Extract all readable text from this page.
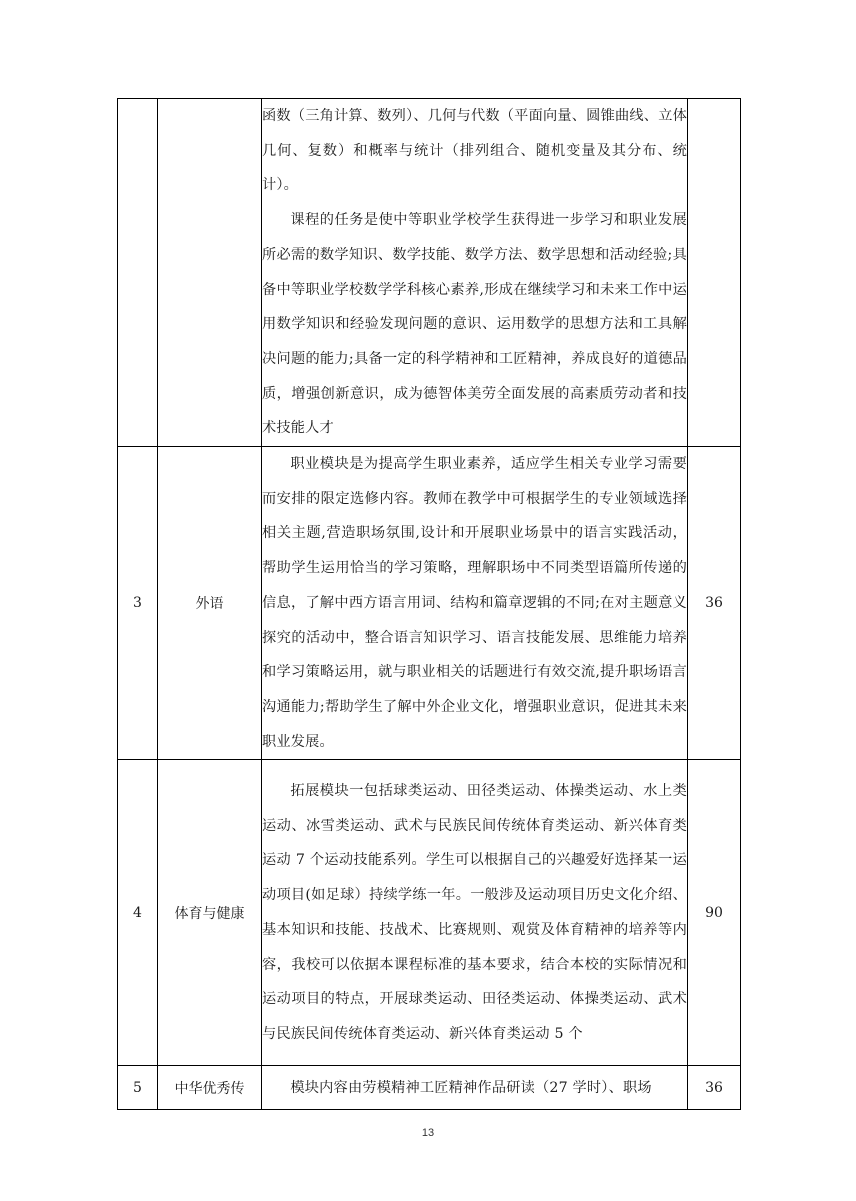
		函数（三角计算、数列）、几何与代数（平面向量、圆锥曲线、立体几何、复数）和概率与统计（排列组合、随机变量及其分布、统计）。

课程的任务是使中等职业学校学生获得进一步学习和职业发展所必需的数学知识、数学技能、数学方法、数学思想和活动经验;具备中等职业学校数学学科核心素养,形成在继续学习和未来工作中运用数学知识和经验发现问题的意识、运用数学的思想方法和工具解决问题的能力;具备一定的科学精神和工匠精神，养成良好的道德品质，增强创新意识，成为德智体美劳全面发展的高素质劳动者和技术技能人才	

3	外语	职业模块是为提高学生职业素养，适应学生相关专业学习需要而安排的限定选修内容。教师在教学中可根据学生的专业领域选择相关主题,营造职场氛围,设计和开展职业场景中的语言实践活动，帮助学生运用恰当的学习策略，理解职场中不同类型语篇所传递的信息，了解中西方语言用词、结构和篇章逻辑的不同;在对主题意义探究的活动中，整合语言知识学习、语言技能发展、思维能力培养和学习策略运用，就与职业相关的话题进行有效交流,提升职场语言沟通能力;帮助学生了解中外企业文化，增强职业意识，促进其未来职业发展。	36
4	体育与健康	拓展模块一包括球类运动、田径类运动、体操类运动、水上类运动、冰雪类运动、武术与民族民间传统体育类运动、新兴体育类运动 7 个运动技能系列。学生可以根据自己的兴趣爱好选择某一运动项目(如足球）持续学练一年。一般涉及运动项目历史文化介绍、基本知识和技能、技战术、比赛规则、观赏及体育精神的培养等内容，我校可以依据本课程标准的基本要求，结合本校的实际情况和运动项目的特点，开展球类运动、田径类运动、体操类运动、武术与民族民间传统体育类运动、新兴体育类运动 5 个	90
5	中华优秀传	模块内容由劳模精神工匠精神作品研读（27 学时）、职场	36
13
